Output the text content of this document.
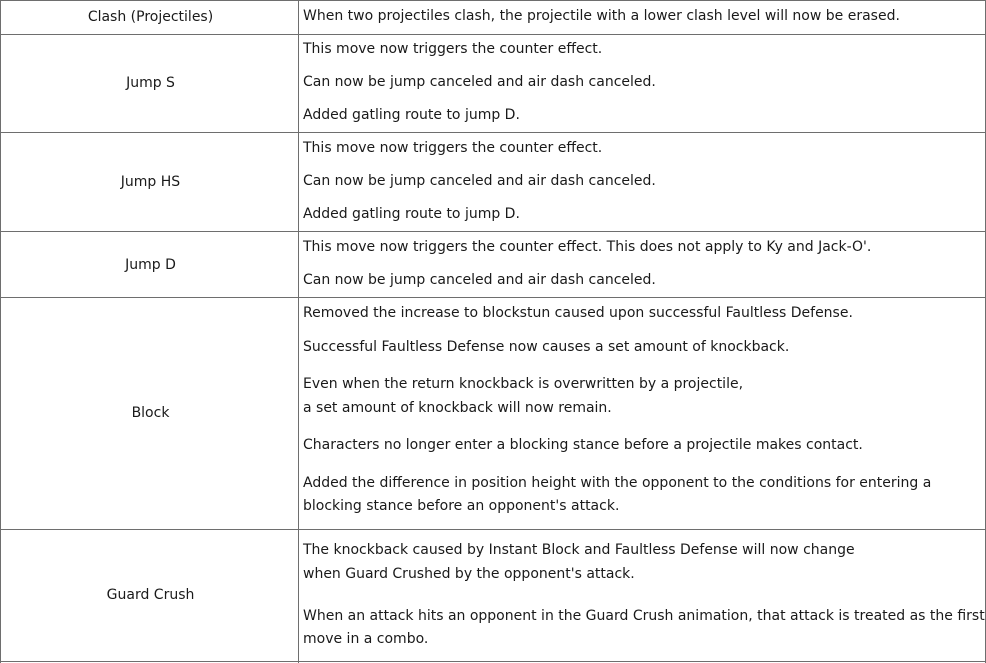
Clash (Projectiles)	When two projectiles clash, the projectile with a lower clash level will now be erased.
Jump S
This move now triggers the counter effect.
Can now be jump canceled and air dash canceled.
Added gatling route to jump D.
Jump HS
This move now triggers the counter effect.
Can now be jump canceled and air dash canceled.
Added gatling route to jump D.
Jump D
This move now triggers the counter effect. This does not apply to Ky and Jack-O'.
Can now be jump canceled and air dash canceled.
Block
Removed the increase to blockstun caused upon successful Faultless Defense.
Successful Faultless Defense now causes a set amount of knockback.
Even when the return knockback is overwritten by a projectile,
a set amount of knockback will now remain.
Characters no longer enter a blocking stance before a projectile makes contact.
Added the difference in position height with the opponent to the conditions for entering a
blocking stance before an opponent's attack.
Guard Crush
The knockback caused by Instant Block and Faultless Defense will now change
when Guard Crushed by the opponent's attack.
When an attack hits an opponent in the Guard Crush animation, that attack is treated as the first
move in a combo.
